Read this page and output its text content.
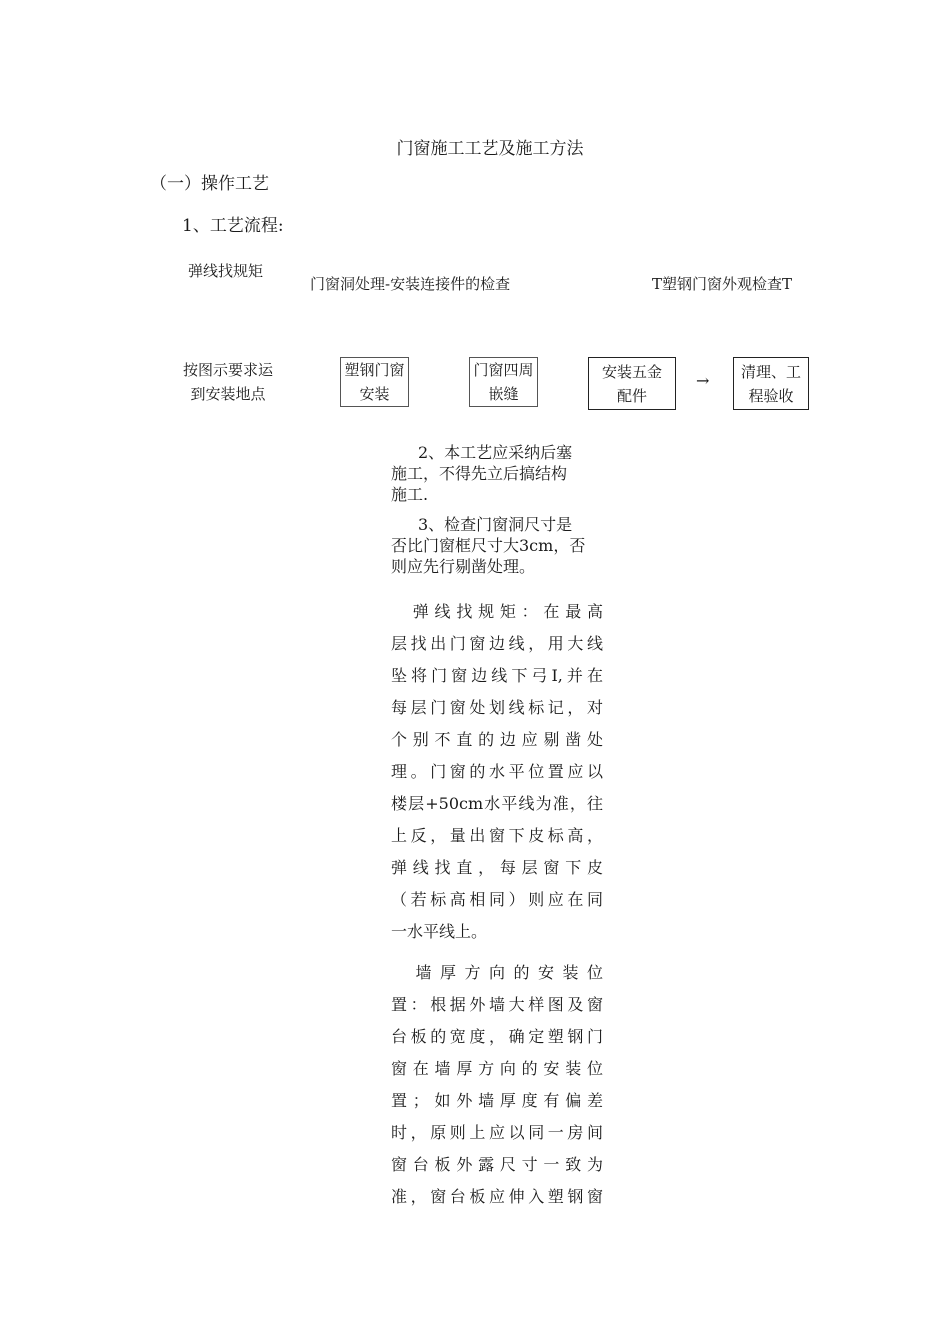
门窗施工工艺及施工方法
（一）操作工艺
1、工艺流程:
弹线找规矩
门窗洞处理-安装连接件的检查	T塑钢门窗外观检查T
按图示要求运
到安装地点
塑钢门窗
安装
门窗四周
嵌缝
安装五金
配件
→	清理、工
程验收

2、本工艺应采纳后塞

施工，不得先立后搞结构

施工.

3、检查门窗洞尺寸是

否比门窗框尺寸大3cm，否

则应先行剔凿处理。

　弹线找规矩：在最高
层找出门窗边线，用大线
坠将门窗边线下弓I,并在
每层门窗处划线标记，对
个别不直的边应剔凿处
理。门窗的水平位置应以
楼层+50cm水平线为准，往
上反，量出窗下皮标高，
弹线找直，每层窗下皮
（若标高相同）则应在同
一水平线上。
　墙厚方向的安装位
置：根据外墙大样图及窗
台板的宽度，确定塑钢门
窗在墙厚方向的安装位
置；如外墙厚度有偏差
时，原则上应以同一房间
窗台板外露尺寸一致为
准，窗台板应伸入塑钢窗
